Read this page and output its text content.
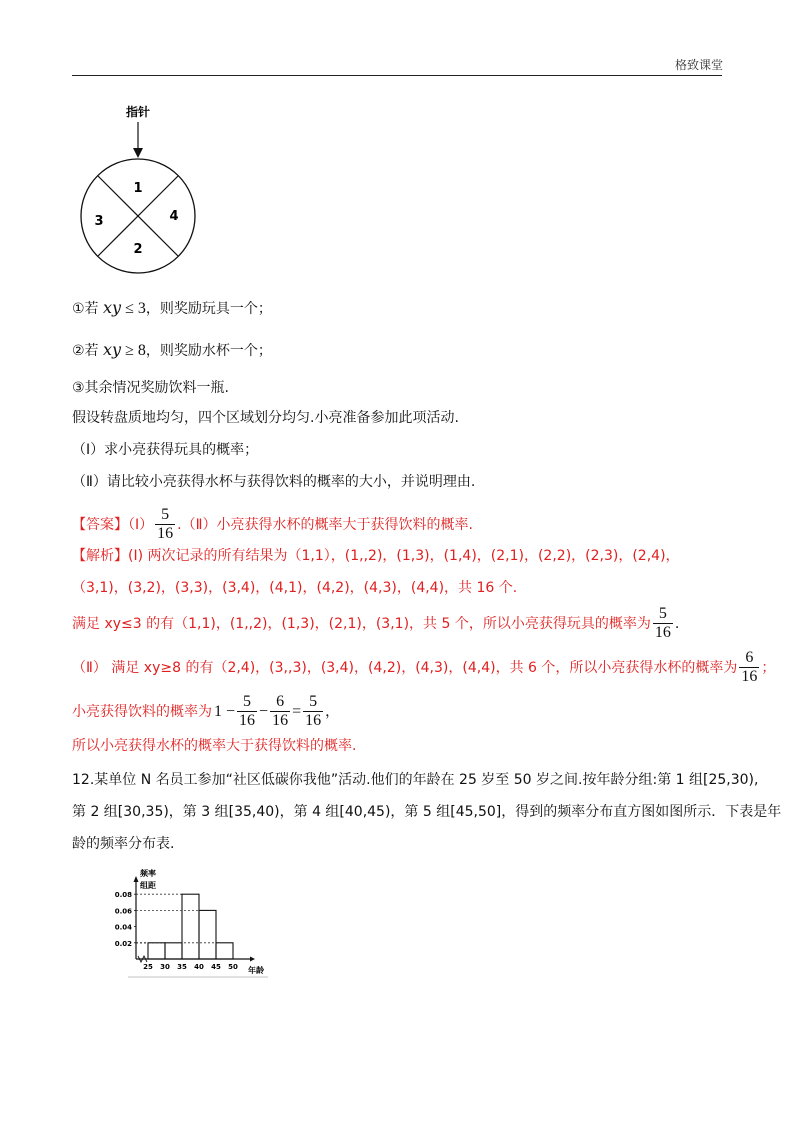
格致课堂
指针
1
2
3	4
①若 xy ≤ 3，则奖励玩具一个；
②若 xy ≥ 8，则奖励水杯一个；
③其余情况奖励饮料一瓶.
假设转盘质地均匀，四个区域划分均匀.小亮准备参加此项活动.
（Ⅰ）求小亮获得玩具的概率；
（Ⅱ）请比较小亮获得水杯与获得饮料的概率的大小，并说明理由.
【答案】（Ⅰ） $\frac{5}{16}$ .（Ⅱ）小亮获得水杯的概率大于获得饮料的概率.
【解析】(Ⅰ) 两次记录的所有结果为（1,1），(1,,2)，(1,3)，(1,4)，(2,1)，(2,2)，(2,3)，(2,4)，
（3,1)，(3,2)，(3,3)，(3,4)，(4,1)，(4,2)，(4,3)，(4,4)，共 16 个.
满足 xy≤3 的有（1,1)，(1,,2)，(1,3)，(2,1)，(3,1)，共 5 个，所以小亮获得玩具的概率为 $\frac{5}{16}$ .
（Ⅱ） 满足 xy≥8 的有（2,4)，(3,,3)，(3,4)，(4,2)，(4,3)，(4,4)，共 6 个，所以小亮获得水杯的概率为 $\frac{6}{16}$ ；
小亮获得饮料的概率为 $1 - \frac{5}{16} - \frac{6}{16} = \frac{5}{16}$ ，
所以小亮获得水杯的概率大于获得饮料的概率.
12.某单位 N 名员工参加“社区低碳你我他”活动.他们的年龄在 25 岁至 50 岁之间.按年龄分组:第 1 组[25,30),
第 2 组[30,35)，第 3 组[35,40)，第 4 组[40,45)，第 5 组[45,50]，得到的频率分布直方图如图所示．下表是年
龄的频率分布表.
频率
组距
年龄
0.02
0.04
0.06
0.08
25 30 35 40 45 50
